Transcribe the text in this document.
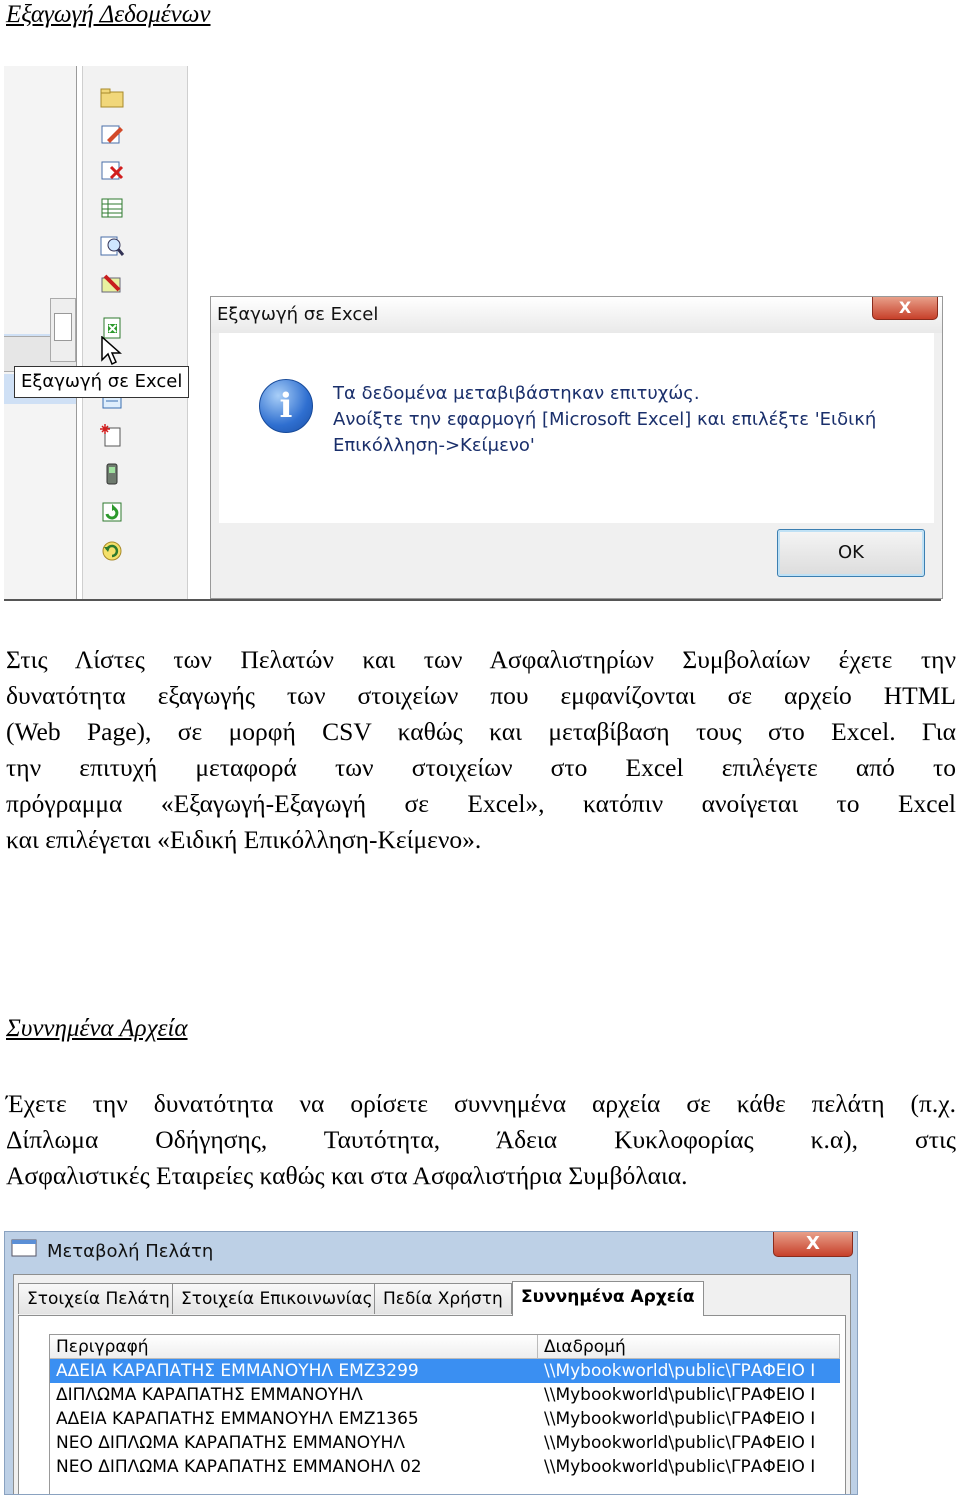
Εξαγωγή Δεδομένων
Εξαγωγή σε Excel
Εξαγωγή σε Excel	X
i	Τα δεδομένα μεταβιβάστηκαν επιτυχώς.
Ανοίξτε την εφαρμογή [Microsoft Excel] και επιλέξτε 'Ειδική
Επικόλληση->Κείμενο'
OK
Στις Λίστες των Πελατών και των Ασφαλιστηρίων Συμβολαίων έχετε την
δυνατότητα εξαγωγής των στοιχείων που εμφανίζονται σε αρχείο HTML
(Web Page), σε μορφή CSV καθώς και μεταβίβαση τους στο Excel. Για
την επιτυχή μεταφορά των στοιχείων στο Excel επιλέγετε από το
πρόγραμμα «Εξαγωγή-Εξαγωγή σε Excel», κατόπιν ανοίγεται το Excel
και επιλέγεται «Ειδική Επικόλληση-Κείμενο».
Συννημένα Αρχεία
Έχετε την δυνατότητα να ορίσετε συννημένα αρχεία σε κάθε πελάτη (π.χ.
Δίπλωμα Οδήγησης, Ταυτότητα, Άδεια Κυκλοφορίας κ.α), στις
Ασφαλιστικές Εταιρείες καθώς και στα Ασφαλιστήρια Συμβόλαια.
Μεταβολή Πελάτη	X
Στοιχεία Πελάτη Στοιχεία Επικοινωνίας Πεδία Χρήστη	Συννημένα Αρχεία
Περιγραφή	Διαδρομή
ΑΔΕΙΑ ΚΑΡΑΠΑΤΗΣ ΕΜΜΑΝΟΥΗΛ EMZ3299	\\Mybookworld\public\ΓΡΑΦΕΙΟ I
ΔΙΠΛΩΜΑ ΚΑΡΑΠΑΤΗΣ ΕΜΜΑΝΟΥΗΛ	\\Mybookworld\public\ΓΡΑΦΕΙΟ I
ΑΔΕΙΑ ΚΑΡΑΠΑΤΗΣ ΕΜΜΑΝΟΥΗΛ EMZ1365	\\Mybookworld\public\ΓΡΑΦΕΙΟ I
ΝΕΟ ΔΙΠΛΩΜΑ ΚΑΡΑΠΑΤΗΣ ΕΜΜΑΝΟΥΗΛ	\\Mybookworld\public\ΓΡΑΦΕΙΟ I
ΝΕΟ ΔΙΠΛΩΜΑ ΚΑΡΑΠΑΤΗΣ ΕΜΜΑΝΟΗΛ 02	\\Mybookworld\public\ΓΡΑΦΕΙΟ I
